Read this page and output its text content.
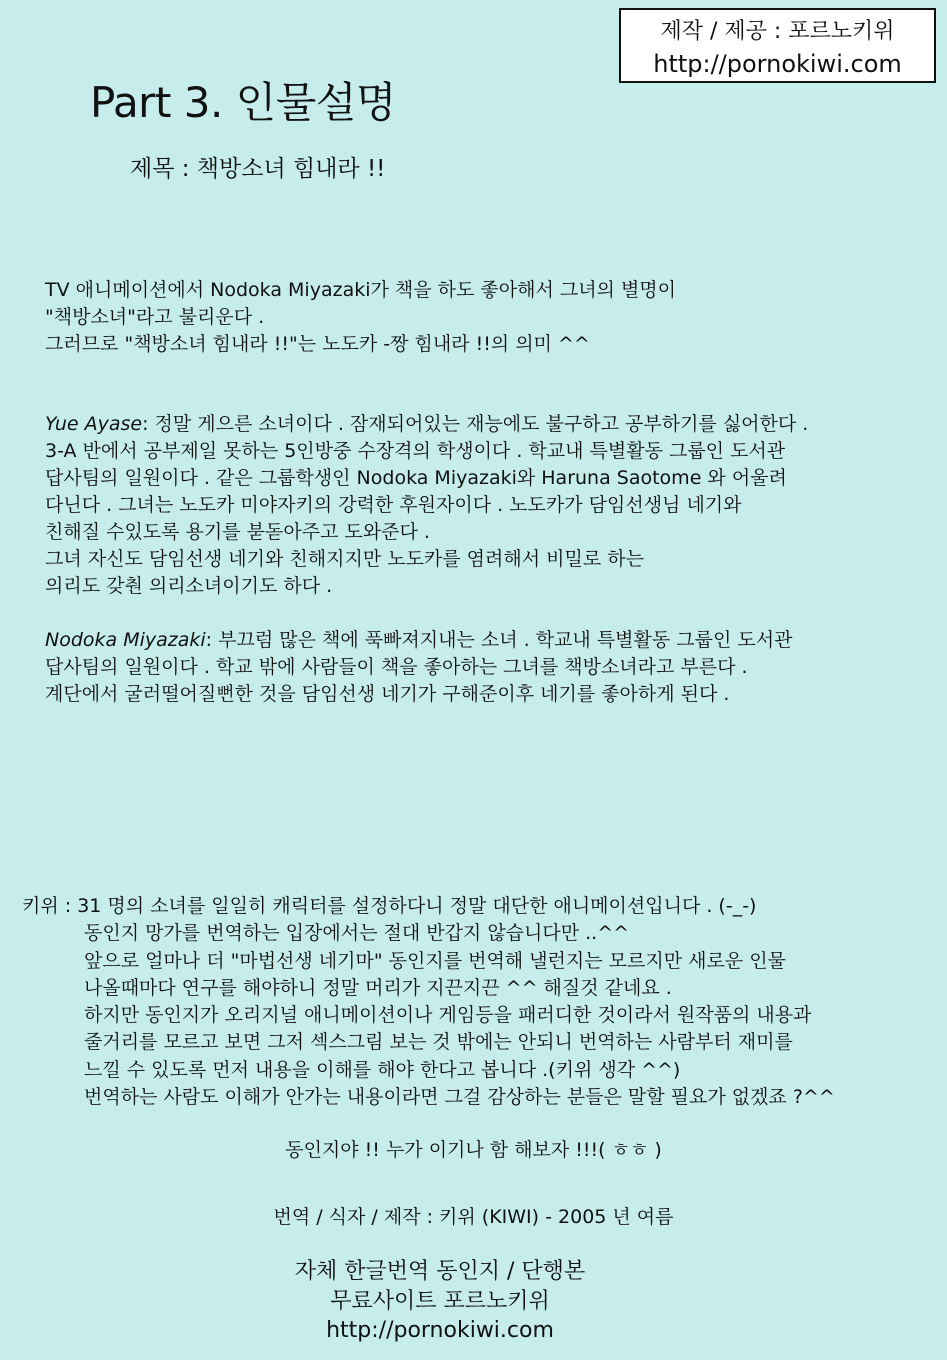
제작 / 제공 : 포르노키위
http://pornokiwi.com
Part 3. 인물설명
제목 : 책방소녀 힘내라 !!
TV 애니메이션에서 Nodoka Miyazaki가 책을 하도 좋아해서 그녀의 별명이
"책방소녀"라고 불리운다 .
그러므로 "책방소녀 힘내라 !!"는 노도카 -짱 힘내라 !!의 의미 ^^
Yue Ayase: 정말 게으른 소녀이다 . 잠재되어있는 재능에도 불구하고 공부하기를 싫어한다 .
3-A 반에서 공부제일 못하는 5인방중 수장격의 학생이다 . 학교내 특별활동 그룹인 도서관
답사팀의 일원이다 . 같은 그룹학생인 Nodoka Miyazaki와 Haruna Saotome 와 어울려
다닌다 . 그녀는 노도카 미야자키의 강력한 후원자이다 . 노도카가 담임선생님 네기와
친해질 수있도록 용기를 붇돋아주고 도와준다 .
그녀 자신도 담임선생 네기와 친해지지만 노도카를 염려해서 비밀로 하는
의리도 갖춴 의리소녀이기도 하다 .
Nodoka Miyazaki: 부끄럼 많은 책에 푹빠져지내는 소녀 . 학교내 특별활동 그룹인 도서관
답사팀의 일원이다 . 학교 밖에 사람들이 책을 좋아하는 그녀를 책방소녀라고 부른다 .
계단에서 굴러떨어질뻔한 것을 담임선생 네기가 구해준이후 네기를 좋아하게 된다 .
키위 : 31 명의 소녀를 일일히 캐릭터를 설정하다니 정말 대단한 애니메이션입니다 . (-_-)
동인지 망가를 번역하는 입장에서는 절대 반갑지 않습니다만 ..^^
앞으로 얼마나 더 "마법선생 네기마" 동인지를 번역해 낼런지는 모르지만 새로운 인물
나올때마다 연구를 해야하니 정말 머리가 지끈지끈 ^^ 해질것 같네요 .
하지만 동인지가 오리지널 애니메이션이나 게임등을 패러디한 것이라서 원작품의 내용과
줄거리를 모르고 보면 그저 섹스그림 보는 것 밖에는 안되니 번역하는 사람부터 재미를
느낄 수 있도록 먼저 내용을 이해를 해야 한다고 봅니다 .(키위 생각 ^^)
번역하는 사람도 이해가 안가는 내용이라면 그걸 감상하는 분들은 말할 필요가 없겠죠 ?^^
동인지야 !! 누가 이기나 함 해보자 !!!( ㅎㅎ )
번역 / 식자 / 제작 : 키위 (KIWI) - 2005 년 여름
자체 한글번역 동인지 / 단행본
무료사이트 포르노키위
http://pornokiwi.com
